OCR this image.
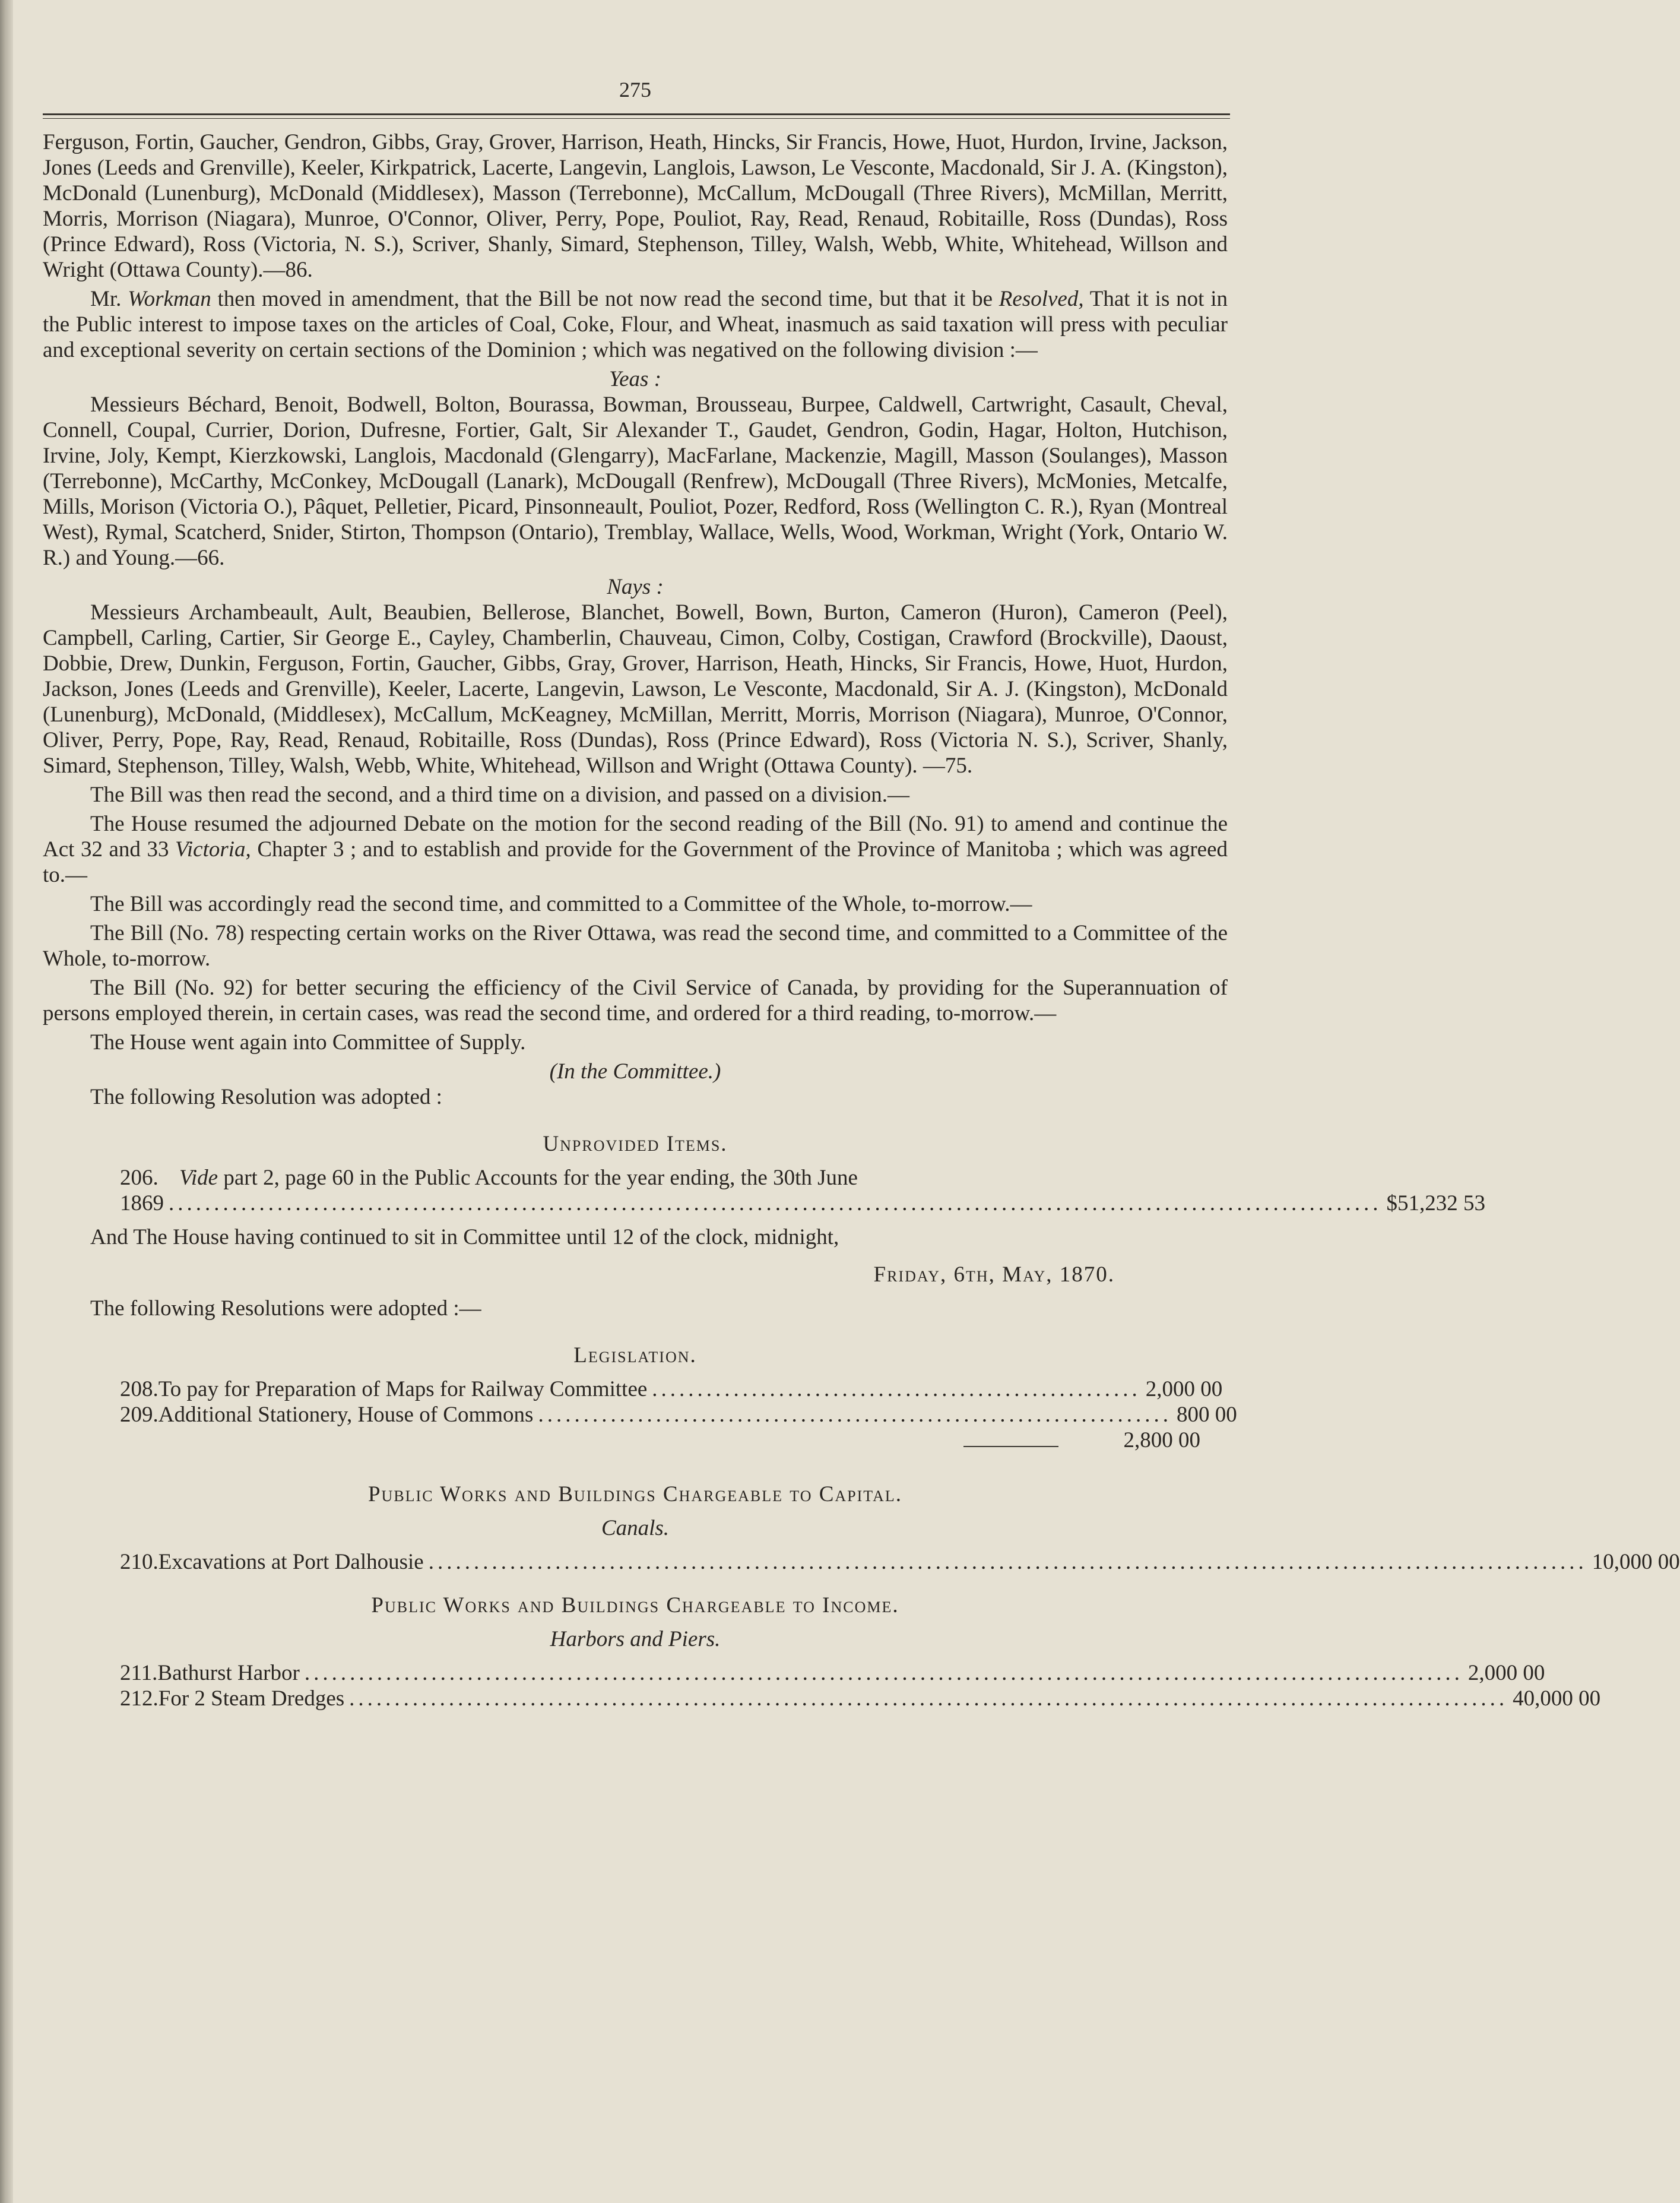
275

Ferguson, Fortin, Gaucher, Gendron, Gibbs, Gray, Grover, Harrison, Heath, Hincks, Sir Francis, Howe, Huot, Hurdon, Irvine, Jackson, Jones (Leeds and Grenville), Keeler, Kirkpatrick, Lacerte, Langevin, Langlois, Lawson, Le Vesconte, Macdonald, Sir J. A. (Kingston), McDonald (Lunenburg), McDonald (Middlesex), Masson (Terrebonne), McCallum, McDougall (Three Rivers), McMillan, Merritt, Morris, Morrison (Niagara), Munroe, O'Connor, Oliver, Perry, Pope, Pouliot, Ray, Read, Renaud, Robitaille, Ross (Dundas), Ross (Prince Edward), Ross (Victoria, N. S.), Scriver, Shanly, Simard, Stephenson, Tilley, Walsh, Webb, White, Whitehead, Willson and Wright (Ottawa County).—86.

Mr. Workman then moved in amendment, that the Bill be not now read the second time, but that it be Resolved, That it is not in the Public interest to impose taxes on the articles of Coal, Coke, Flour, and Wheat, inasmuch as said taxation will press with peculiar and exceptional severity on certain sections of the Dominion ; which was negatived on the following division :—

Yeas :

Messieurs Béchard, Benoit, Bodwell, Bolton, Bourassa, Bowman, Brousseau, Burpee, Caldwell, Cartwright, Casault, Cheval, Connell, Coupal, Currier, Dorion, Dufresne, Fortier, Galt, Sir Alexander T., Gaudet, Gendron, Godin, Hagar, Holton, Hutchison, Irvine, Joly, Kempt, Kierzkowski, Langlois, Macdonald (Glengarry), MacFarlane, Mackenzie, Magill, Masson (Soulanges), Masson (Terrebonne), McCarthy, McConkey, McDougall (Lanark), McDougall (Renfrew), McDougall (Three Rivers), McMonies, Metcalfe, Mills, Morison (Victoria O.), Pâquet, Pelletier, Picard, Pinsonneault, Pouliot, Pozer, Redford, Ross (Wellington C. R.), Ryan (Montreal West), Rymal, Scatcherd, Snider, Stirton, Thompson (Ontario), Tremblay, Wallace, Wells, Wood, Workman, Wright (York, Ontario W. R.) and Young.—66.

Nays :

Messieurs Archambeault, Ault, Beaubien, Bellerose, Blanchet, Bowell, Bown, Burton, Cameron (Huron), Cameron (Peel), Campbell, Carling, Cartier, Sir George E., Cayley, Chamberlin, Chauveau, Cimon, Colby, Costigan, Crawford (Brockville), Daoust, Dobbie, Drew, Dunkin, Ferguson, Fortin, Gaucher, Gibbs, Gray, Grover, Harrison, Heath, Hincks, Sir Francis, Howe, Huot, Hurdon, Jackson, Jones (Leeds and Grenville), Keeler, Lacerte, Langevin, Lawson, Le Vesconte, Macdonald, Sir A. J. (Kingston), McDonald (Lunenburg), McDonald, (Middlesex), McCallum, McKeagney, McMillan, Merritt, Morris, Morrison (Niagara), Munroe, O'Connor, Oliver, Perry, Pope, Ray, Read, Renaud, Robitaille, Ross (Dundas), Ross (Prince Edward), Ross (Victoria N. S.), Scriver, Shanly, Simard, Stephenson, Tilley, Walsh, Webb, White, Whitehead, Willson and Wright (Ottawa County). —75.

The Bill was then read the second, and a third time on a division, and passed on a division.—

The House resumed the adjourned Debate on the motion for the second reading of the Bill (No. 91) to amend and continue the Act 32 and 33 Victoria, Chapter 3 ; and to establish and provide for the Government of the Province of Manitoba ; which was agreed to.—

The Bill was accordingly read the second time, and committed to a Committee of the Whole, to-morrow.—

The Bill (No. 78) respecting certain works on the River Ottawa, was read the second time, and committed to a Committee of the Whole, to-morrow.

The Bill (No. 92) for better securing the efficiency of the Civil Service of Canada, by providing for the Superannuation of persons employed therein, in certain cases, was read the second time, and ordered for a third reading, to-morrow.—

The House went again into Committee of Supply.

(In the Committee.)

The following Resolution was adopted :

Unprovided Items.
206. Vide part 2, page 60 in the Public Accounts for the year ending, the 30th June
1869 ...................................................................................................................................... $51,232 53

And The House having continued to sit in Committee until 12 of the clock, midnight,

Friday, 6th, May, 1870.

The following Resolutions were adopted :—

Legislation.
208. To pay for Preparation of Maps for Railway Committee ...................................................... 2,000 00
209. Additional Stationery, House of Commons ...................................................................... 800 00
2,800 00
Public Works and Buildings Chargeable to Capital.
Canals.
210. Excavations at Port Dalhousie ................................................................................................................................ 10,000 00
Public Works and Buildings Chargeable to Income.
Harbors and Piers.
211. Bathurst Harbor ................................................................................................................................ 2,000 00
212. For 2 Steam Dredges ................................................................................................................................ 40,000 00
